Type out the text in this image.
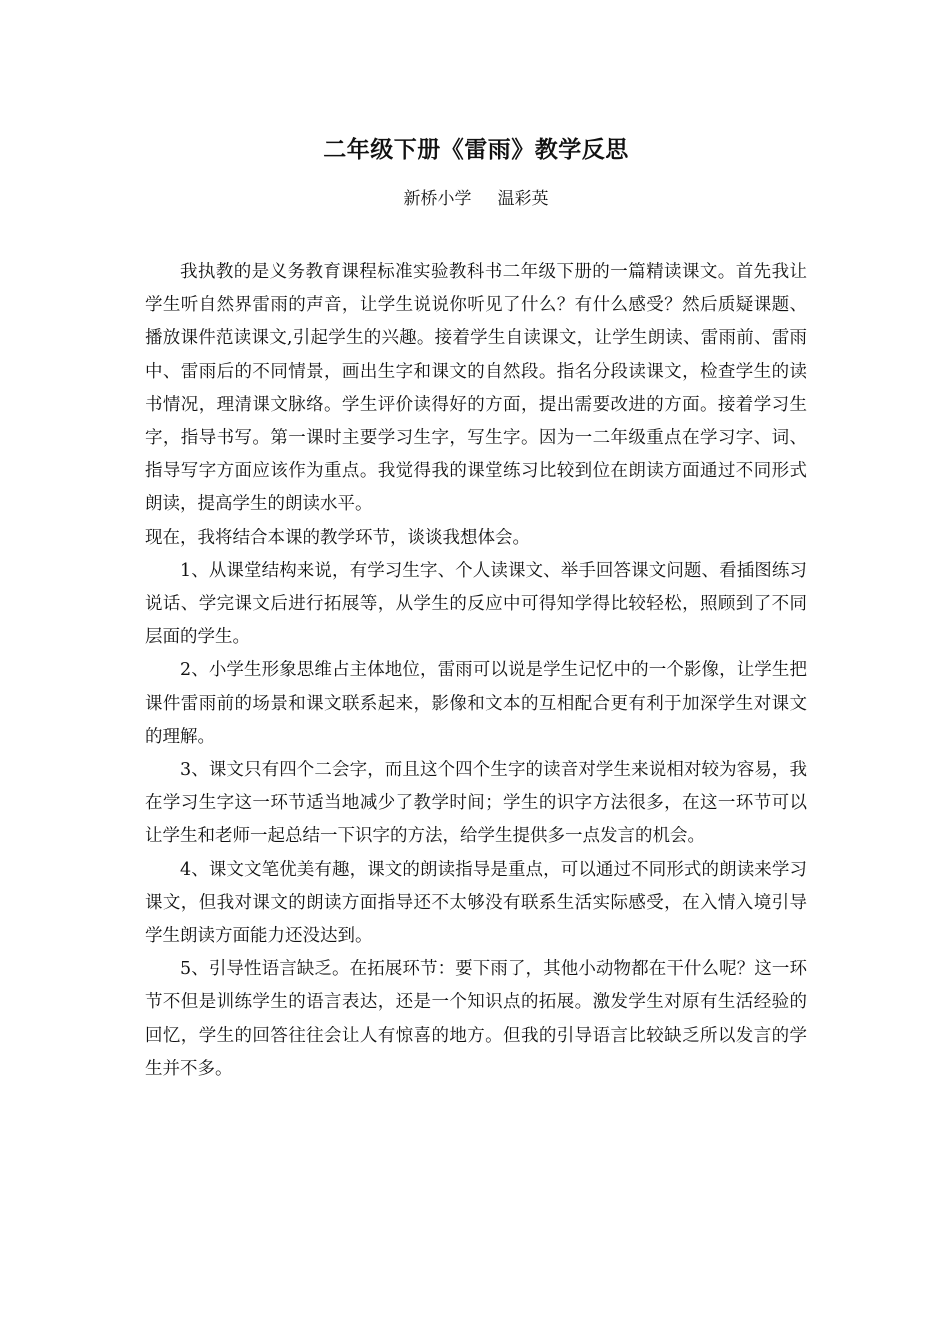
二年级下册《雷雨》教学反思
新桥小学 温彩英

我执教的是义务教育课程标准实验教科书二年级下册的一篇精读课文。首先我让学生听自然界雷雨的声音，让学生说说你听见了什么？有什么感受？然后质疑课题、播放课件范读课文,引起学生的兴趣。接着学生自读课文，让学生朗读、雷雨前、雷雨中、雷雨后的不同情景，画出生字和课文的自然段。指名分段读课文，检查学生的读书情况，理清课文脉络。学生评价读得好的方面，提出需要改进的方面。接着学习生字，指导书写。第一课时主要学习生字，写生字。因为一二年级重点在学习字、词、指导写字方面应该作为重点。我觉得我的课堂练习比较到位在朗读方面通过不同形式朗读，提高学生的朗读水平。

现在，我将结合本课的教学环节，谈谈我想体会。

1、从课堂结构来说，有学习生字、个人读课文、举手回答课文问题、看插图练习说话、学完课文后进行拓展等，从学生的反应中可得知学得比较轻松，照顾到了不同层面的学生。

2、小学生形象思维占主体地位，雷雨可以说是学生记忆中的一个影像，让学生把课件雷雨前的场景和课文联系起来，影像和文本的互相配合更有利于加深学生对课文的理解。

3、课文只有四个二会字，而且这个四个生字的读音对学生来说相对较为容易，我在学习生字这一环节适当地减少了教学时间；学生的识字方法很多，在这一环节可以让学生和老师一起总结一下识字的方法，给学生提供多一点发言的机会。

4、课文文笔优美有趣，课文的朗读指导是重点，可以通过不同形式的朗读来学习课文，但我对课文的朗读方面指导还不太够没有联系生活实际感受，在入情入境引导学生朗读方面能力还没达到。

5、引导性语言缺乏。在拓展环节：要下雨了，其他小动物都在干什么呢？这一环节不但是训练学生的语言表达，还是一个知识点的拓展。激发学生对原有生活经验的回忆，学生的回答往往会让人有惊喜的地方。但我的引导语言比较缺乏所以发言的学生并不多。
